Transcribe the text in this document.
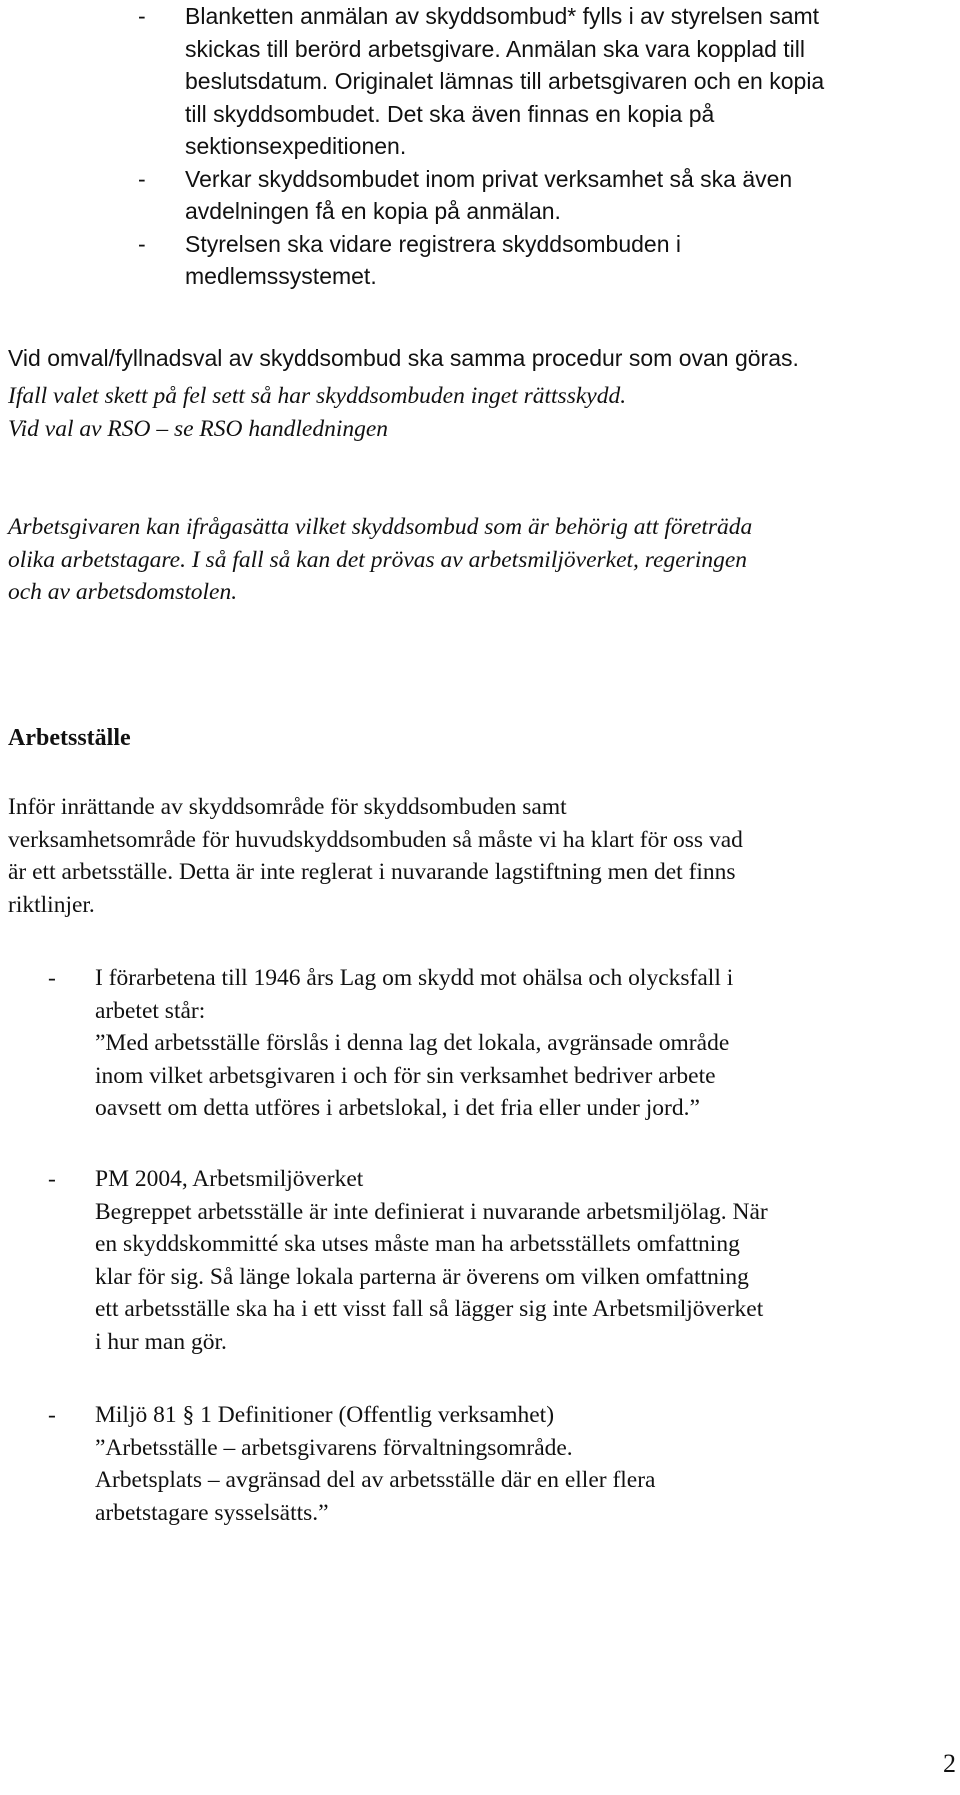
- Blanketten anmälan av skyddsombud* fylls i av styrelsen samt
skickas till berörd arbetsgivare. Anmälan ska vara kopplad till
beslutsdatum. Originalet lämnas till arbetsgivaren och en kopia
till skyddsombudet. Det ska även finnas en kopia på
sektionsexpeditionen.
- Verkar skyddsombudet inom privat verksamhet så ska även
avdelningen få en kopia på anmälan.
- Styrelsen ska vidare registrera skyddsombuden i
medlemssystemet.
Vid omval/fyllnadsval av skyddsombud ska samma procedur som ovan göras.
Ifall valet skett på fel sett så har skyddsombuden inget rättsskydd.
Vid val av RSO – se RSO handledningen
Arbetsgivaren kan ifrågasätta vilket skyddsombud som är behörig att företräda
olika arbetstagare. I så fall så kan det prövas av arbetsmiljöverket, regeringen
och av arbetsdomstolen.
Arbetsställe
Inför inrättande av skyddsområde för skyddsombuden samt
verksamhetsområde för huvudskyddsombuden så måste vi ha klart för oss vad
är ett arbetsställe. Detta är inte reglerat i nuvarande lagstiftning men det finns
riktlinjer.
- I förarbetena till 1946 års Lag om skydd mot ohälsa och olycksfall i
arbetet står:
”Med arbetsställe förslås i denna lag det lokala, avgränsade område
inom vilket arbetsgivaren i och för sin verksamhet bedriver arbete
oavsett om detta utföres i arbetslokal, i det fria eller under jord.”
- PM 2004, Arbetsmiljöverket
Begreppet arbetsställe är inte definierat i nuvarande arbetsmiljölag. När
en skyddskommitté ska utses måste man ha arbetsställets omfattning
klar för sig. Så länge lokala parterna är överens om vilken omfattning
ett arbetsställe ska ha i ett visst fall så lägger sig inte Arbetsmiljöverket
i hur man gör.
- Miljö 81 § 1 Definitioner (Offentlig verksamhet)
”Arbetsställe – arbetsgivarens förvaltningsområde.
Arbetsplats – avgränsad del av arbetsställe där en eller flera
arbetstagare sysselsätts.”
2
